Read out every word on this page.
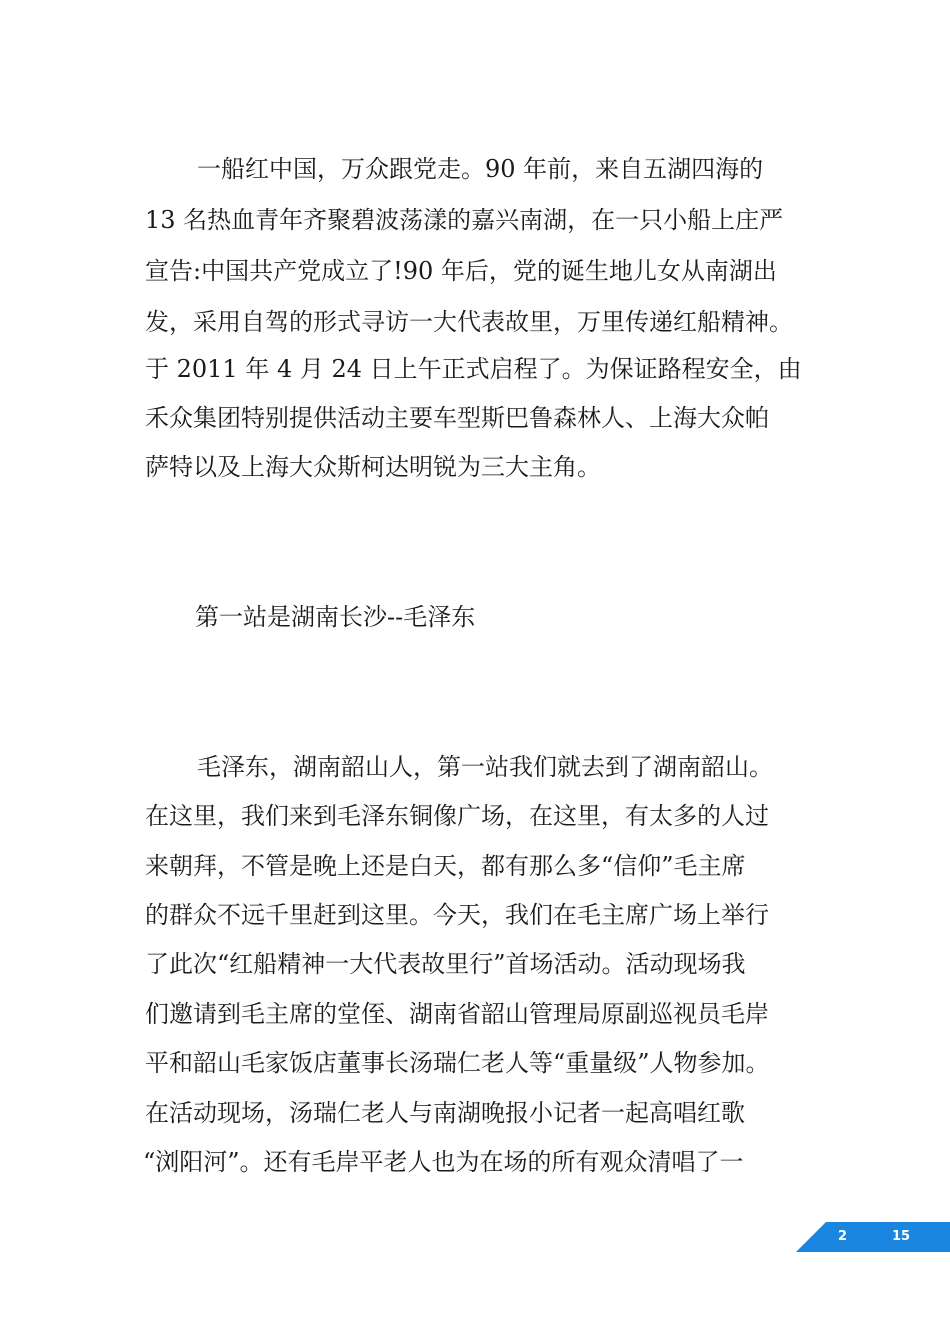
一船红中国，万众跟党走。90 年前，来自五湖四海的
13 名热血青年齐聚碧波荡漾的嘉兴南湖，在一只小船上庄严
宣告:中国共产党成立了!90 年后，党的诞生地儿女从南湖出
发，采用自驾的形式寻访一大代表故里，万里传递红船精神。
于 2011 年 4 月 24 日上午正式启程了。为保证路程安全，由
禾众集团特别提供活动主要车型斯巴鲁森林人、上海大众帕
萨特以及上海大众斯柯达明锐为三大主角。
第一站是湖南长沙--毛泽东
毛泽东，湖南韶山人，第一站我们就去到了湖南韶山。
在这里，我们来到毛泽东铜像广场，在这里，有太多的人过
来朝拜，不管是晚上还是白天，都有那么多“信仰”毛主席
的群众不远千里赶到这里。今天，我们在毛主席广场上举行
了此次“红船精神一大代表故里行”首场活动。活动现场我
们邀请到毛主席的堂侄、湖南省韶山管理局原副巡视员毛岸
平和韶山毛家饭店董事长汤瑞仁老人等“重量级”人物参加。
在活动现场，汤瑞仁老人与南湖晚报小记者一起高唱红歌
“浏阳河”。还有毛岸平老人也为在场的所有观众清唱了一
2	15
